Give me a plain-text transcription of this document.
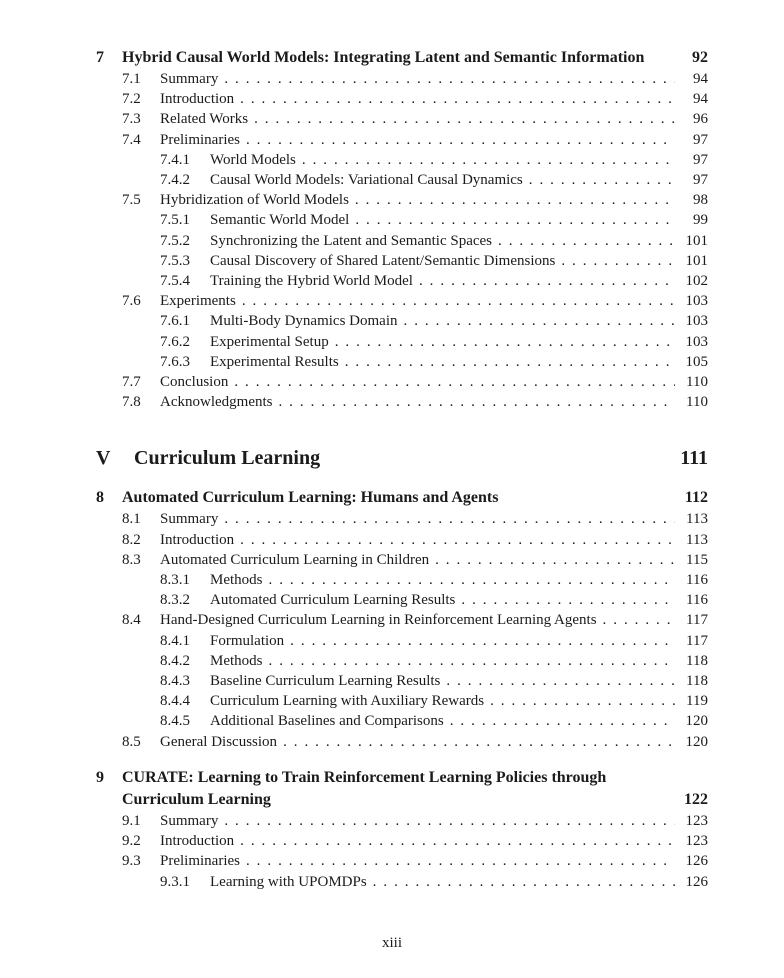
7 Hybrid Causal World Models: Integrating Latent and Semantic Information	92
7.1	Summary . . .	94
7.2	Introduction . . .	94
7.3	Related Works . . .	96
7.4	Preliminaries . . .	97
7.4.1	World Models . . .	97
7.4.2	Causal World Models: Variational Causal Dynamics . . .	97
7.5	Hybridization of World Models . . .	98
7.5.1	Semantic World Model . . .	99
7.5.2	Synchronizing the Latent and Semantic Spaces . . .	101
7.5.3	Causal Discovery of Shared Latent/Semantic Dimensions . . .	101
7.5.4	Training the Hybrid World Model . . .	102
7.6	Experiments . . .	103
7.6.1	Multi-Body Dynamics Domain . . .	103
7.6.2	Experimental Setup . . .	103
7.6.3	Experimental Results . . .	105
7.7	Conclusion . . .	110
7.8	Acknowledgments . . .	110
V	Curriculum Learning	111
8 Automated Curriculum Learning: Humans and Agents	112
8.1	Summary . . .	113
8.2	Introduction . . .	113
8.3	Automated Curriculum Learning in Children . . .	115
8.3.1	Methods . . .	116
8.3.2	Automated Curriculum Learning Results . . .	116
8.4	Hand-Designed Curriculum Learning in Reinforcement Learning Agents . . .	117
8.4.1	Formulation . . .	117
8.4.2	Methods . . .	118
8.4.3	Baseline Curriculum Learning Results . . .	118
8.4.4	Curriculum Learning with Auxiliary Rewards . . .	119
8.4.5	Additional Baselines and Comparisons . . .	120
8.5	General Discussion . . .	120
9 CURATE: Learning to Train Reinforcement Learning Policies through Curriculum Learning	122
9.1	Summary . . .	123
9.2	Introduction . . .	123
9.3	Preliminaries . . .	126
9.3.1	Learning with UPOMDPs . . .	126
xiii
